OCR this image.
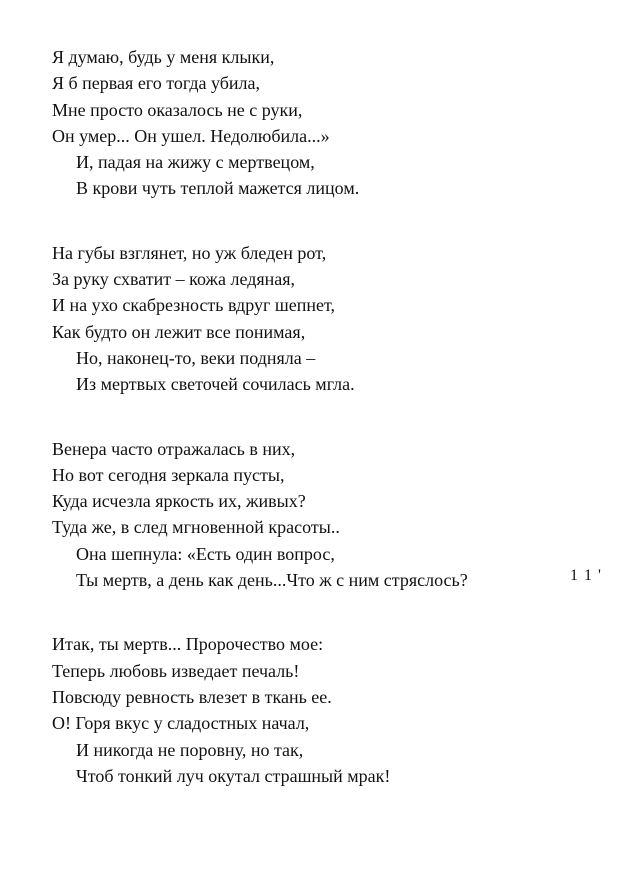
Я думаю, будь у меня клыки,
Я б первая его тогда убила,
Мне просто оказалось не с руки,
Он умер... Он ушел. Недолюбила...»
И, падая на жижу с мертвецом,
В крови чуть теплой мажется лицом.
На губы взглянет, но уж бледен рот,
За руку схватит – кожа ледяная,
И на ухо скабрезность вдруг шепнет,
Как будто он лежит все понимая,
Но, наконец-то, веки подняла –
Из мертвых светочей сочилась мгла.
Венера часто отражалась в них,
Но вот сегодня зеркала пусты,
Куда исчезла яркость их, живых?
Туда же, в след мгновенной красоты..
Она шепнула: «Есть один вопрос,
Ты мертв, а день как день...Что ж с ним стряслось?
Итак, ты мертв... Пророчество мое:
Теперь любовь изведает печаль!
Повсюду ревность влезет в ткань ее.
О! Горя вкус у сладостных начал,
И никогда не поровну, но так,
Чтоб тонкий луч окутал страшный мрак!
1 1 '
